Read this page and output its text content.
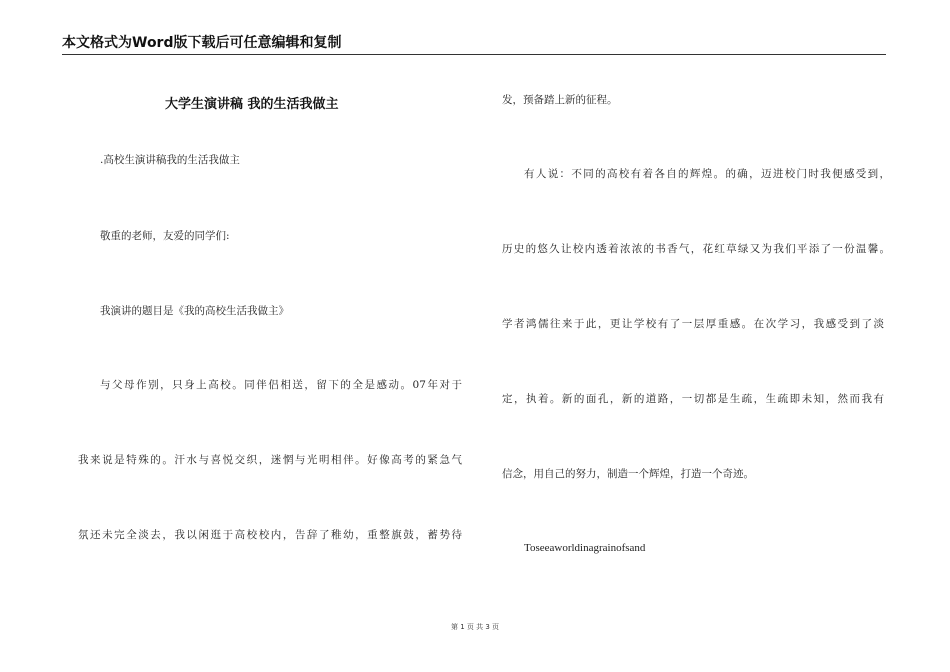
本文格式为Word版下载后可任意编辑和复制
大学生演讲稿 我的生活我做主
.高校生演讲稿我的生活我做主
敬重的老师，友爱的同学们:
我演讲的题目是《我的高校生活我做主》
与父母作别，只身上高校。同伴侣相送，留下的全是感动。07年对于
我来说是特殊的。汗水与喜悦交织，迷惘与光明相伴。好像高考的紧急气
氛还未完全淡去，我以闲逛于高校校内，告辞了稚幼，重整旗鼓，蓄势待
发，预备踏上新的征程。
有人说：不同的高校有着各自的辉煌。的确，迈进校门时我便感受到，
历史的悠久让校内透着浓浓的书香气，花红草绿又为我们平添了一份温馨。
学者鸿儒往来于此，更让学校有了一层厚重感。在次学习，我感受到了淡
定，执着。新的面孔，新的道路，一切都是生疏，生疏即未知，然而我有
信念，用自己的努力，制造一个辉煌，打造一个奇迹。
Toseeaworldinagrainofsand
第 1 页 共 3 页
